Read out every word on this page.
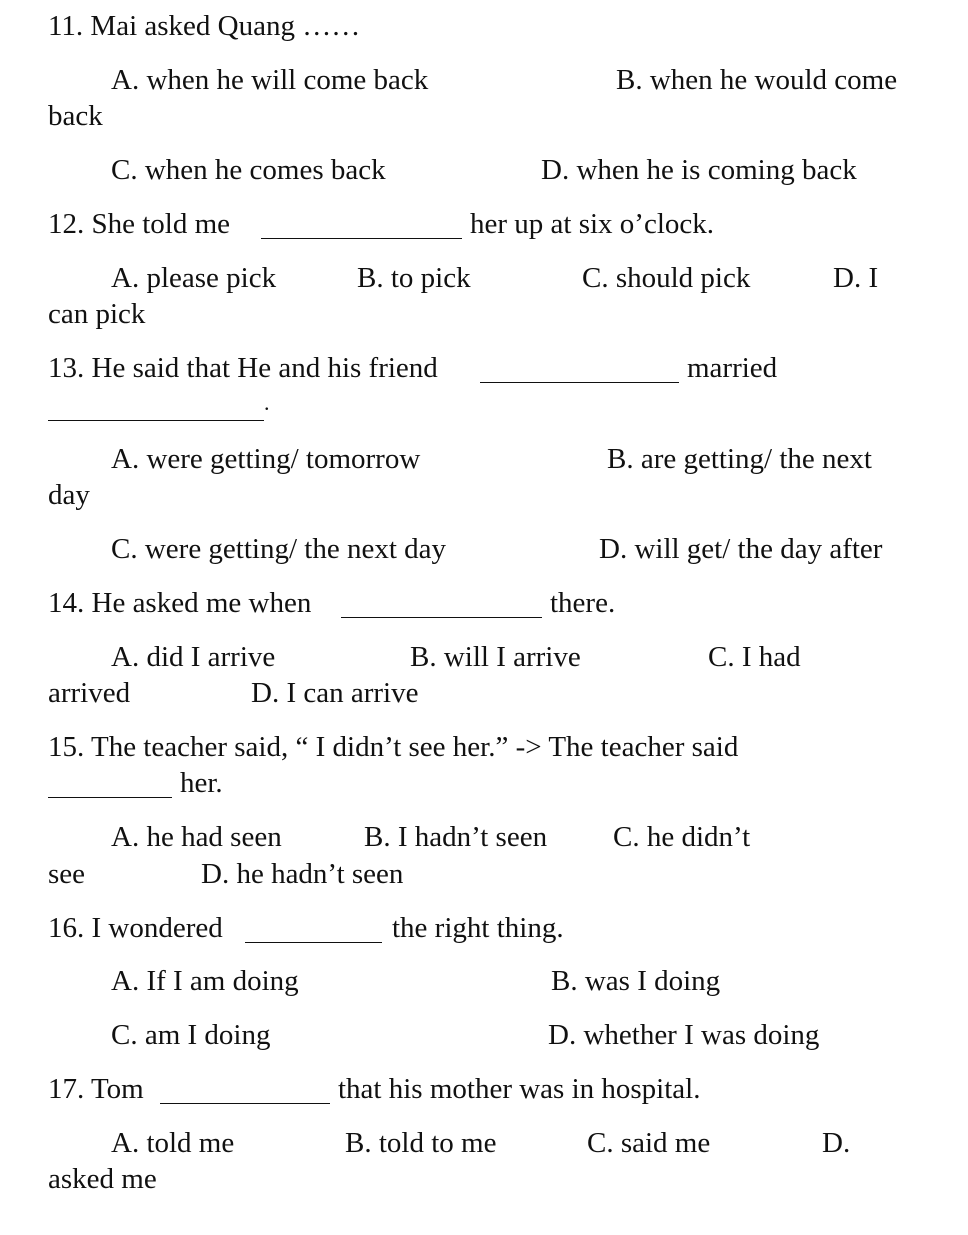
11. Mai asked Quang ……
A. when he will come back	B. when he would come
back
C. when he comes back	D. when he is coming back
12. She told me	her up at six o’clock.
A. please pick	B. to pick	C. should pick	D. I
can pick
13. He said that He and his friend	married
.
A. were getting/ tomorrow	B. are getting/ the next
day
C. were getting/ the next day	D. will get/ the day after
14. He asked me when	there.
A. did I arrive	B. will I arrive	C. I had
arrived	D. I can arrive
15. The teacher said, “ I didn’t see her.” -> The teacher said
her.
A. he had seen	B. I hadn’t seen C. he didn’t
see	D. he hadn’t seen
16. I wondered	the right thing.
A. If I am doing	B. was I doing
C. am I doing	D. whether I was doing
17. Tom	that his mother was in hospital.
A. told me	B. told to me	C. said me	D.
asked me
